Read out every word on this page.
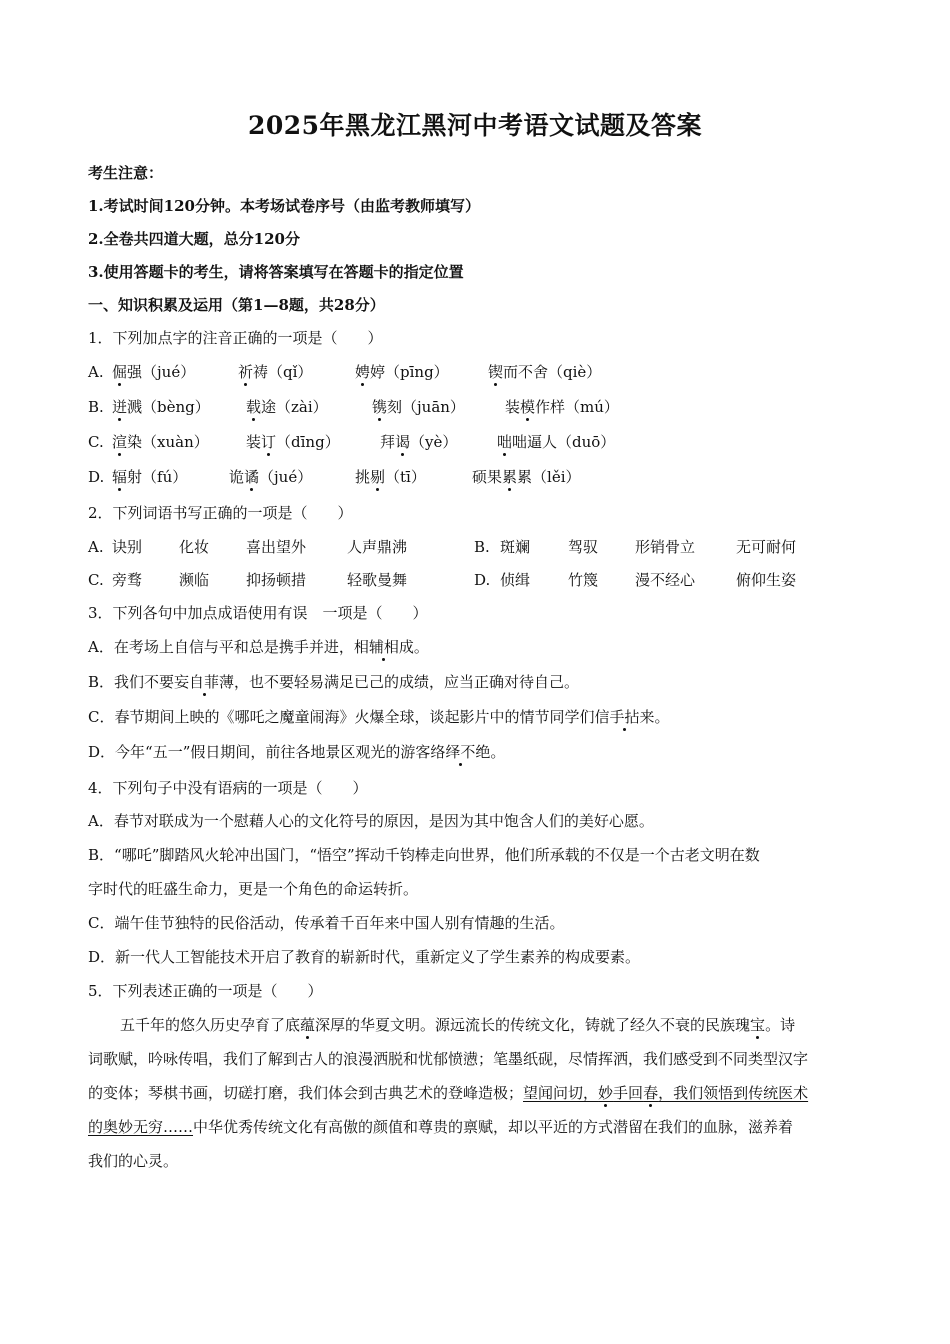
2025年黑龙江黑河中考语文试题及答案
考生注意：
1.考试时间120分钟。本考场试卷序号（由监考教师填写）
2.全卷共四道大题，总分120分
3.使用答题卡的考生，请将答案填写在答题卡的指定位置
一、知识积累及运用（第1—8题，共28分）
1．下列加点字的注音正确的一项是（　　）
A. 倔强（jué）	祈祷（qǐ）	娉婷（pīng）	锲而不舍（qiè）
B. 迸溅（bèng） 载途（zài）	镌刻（juān）	装模作样（mú）
C. 渲染（xuàn） 装订（dīng）	拜谒（yè）	咄咄逼人（duō）
D. 辐射（fú）	诡谲（jué）	挑剔（tī）	硕果累累（lěi）
2．下列词语书写正确的一项是（　　）
A. 诀别 化妆 喜出望外	人声鼎沸	B. 斑斓	驾驭 形销骨立	无可耐何
C. 旁骛 濒临 抑扬顿措	轻歌曼舞	D. 侦缉	竹篾 漫不经心	俯仰生姿
3．下列各句中加点成语使用有误　一项是（　　）
A．在考场上自信与平和总是携手并进，相辅相成。
B．我们不要妄自菲薄，也不要轻易满足已己的成绩，应当正确对待自己。
C．春节期间上映的《哪吒之魔童闹海》火爆全球，谈起影片中的情节同学们信手拈来。
D．今年“五一”假日期间，前往各地景区观光的游客络绎不绝。
4．下列句子中没有语病的一项是（　　）
A．春节对联成为一个慰藉人心的文化符号的原因，是因为其中饱含人们的美好心愿。
B．“哪吒”脚踏风火轮冲出国门，“悟空”挥动千钧棒走向世界，他们所承载的不仅是一个古老文明在数
字时代的旺盛生命力，更是一个角色的命运转折。
C．端午佳节独特的民俗活动，传承着千百年来中国人别有情趣的生活。
D．新一代人工智能技术开启了教育的崭新时代，重新定义了学生素养的构成要素。
5．下列表述正确的一项是（　　）
五千年的悠久历史孕育了底蕴深厚的华夏文明。源远流长的传统文化，铸就了经久不衰的民族瑰宝。诗
词歌赋，吟咏传唱，我们了解到古人的浪漫洒脱和忧郁愤懑；笔墨纸砚，尽情挥洒，我们感受到不同类型汉字
的变体；琴棋书画，切磋打磨，我们体会到古典艺术的登峰造极；望闻问切，妙手回春，我们领悟到传统医术
的奥妙无穷……中华优秀传统文化有高傲的颜值和尊贵的禀赋，却以平近的方式潜留在我们的血脉，滋养着
我们的心灵。
